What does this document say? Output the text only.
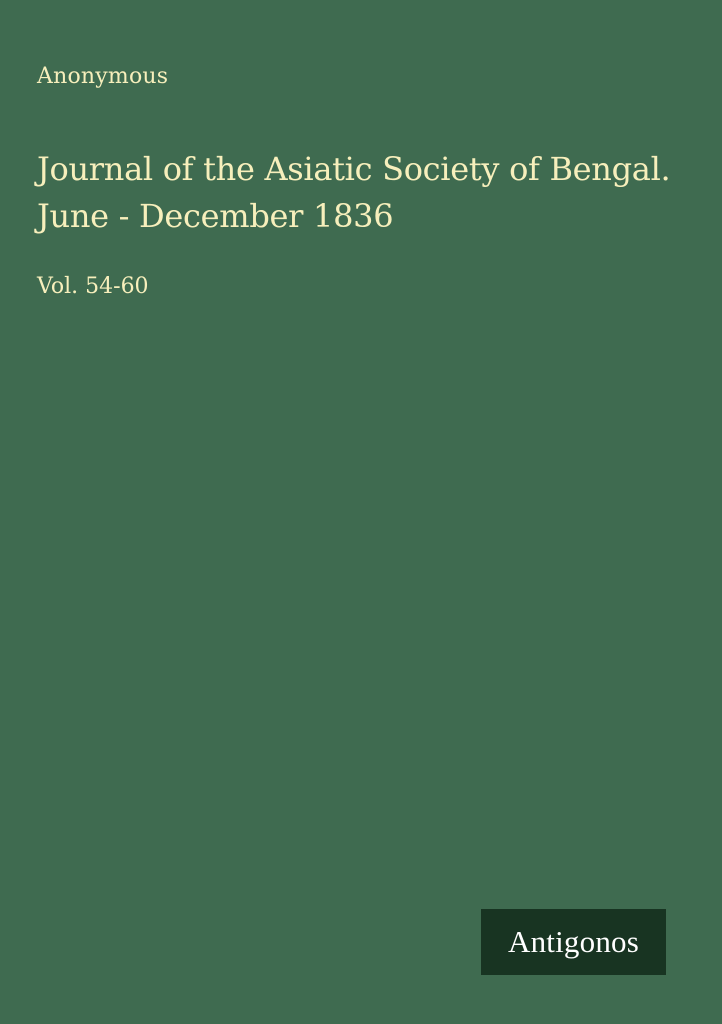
Anonymous
Journal of the Asiatic Society of Bengal.
June - December 1836
Vol. 54-60
Antigonos
